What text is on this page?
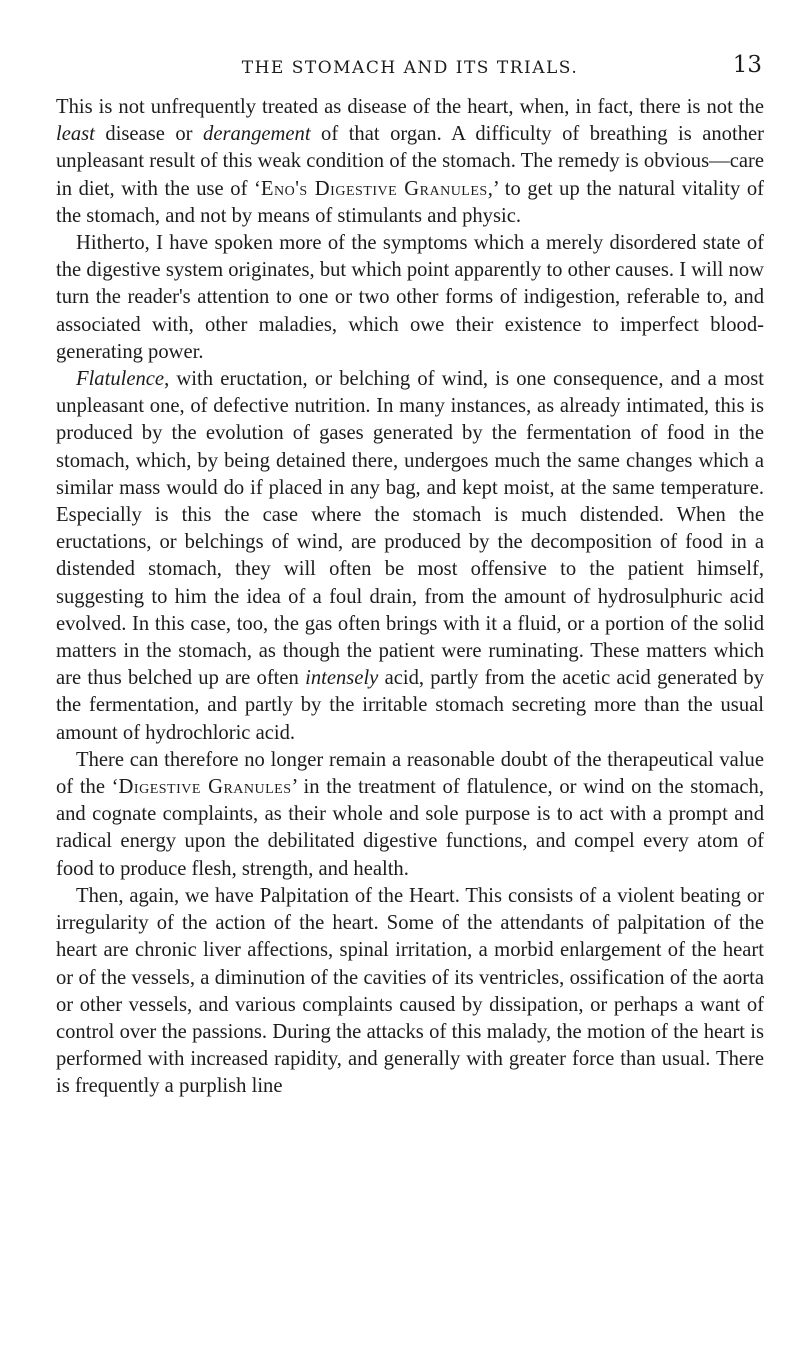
THE STOMACH AND ITS TRIALS.	13

This is not unfrequently treated as disease of the heart, when, in fact, there is not the least disease or derangement of that organ. A difficulty of breathing is another unpleasant result of this weak condition of the stomach. The remedy is obvious—care in diet, with the use of ‘Eno's Digestive Granules,’ to get up the natural vitality of the stomach, and not by means of stimulants and physic.

Hitherto, I have spoken more of the symptoms which a merely disordered state of the digestive system originates, but which point apparently to other causes. I will now turn the reader's attention to one or two other forms of indigestion, referable to, and associated with, other maladies, which owe their existence to imperfect blood-generating power.

Flatulence, with eructation, or belching of wind, is one consequence, and a most unpleasant one, of defective nutrition. In many instances, as already intimated, this is produced by the evolution of gases generated by the fermentation of food in the stomach, which, by being detained there, undergoes much the same changes which a similar mass would do if placed in any bag, and kept moist, at the same temperature. Especially is this the case where the stomach is much distended. When the eructations, or belchings of wind, are produced by the decomposition of food in a distended stomach, they will often be most offensive to the patient himself, suggesting to him the idea of a foul drain, from the amount of hydrosulphuric acid evolved. In this case, too, the gas often brings with it a fluid, or a portion of the solid matters in the stomach, as though the patient were ruminating. These matters which are thus belched up are often intensely acid, partly from the acetic acid generated by the fermentation, and partly by the irritable stomach secreting more than the usual amount of hydrochloric acid.

There can therefore no longer remain a reasonable doubt of the therapeutical value of the ‘Digestive Granules’ in the treatment of flatulence, or wind on the stomach, and cognate complaints, as their whole and sole purpose is to act with a prompt and radical energy upon the debilitated digestive functions, and compel every atom of food to produce flesh, strength, and health.

Then, again, we have Palpitation of the Heart. This consists of a violent beating or irregularity of the action of the heart. Some of the attendants of palpitation of the heart are chronic liver affections, spinal irritation, a morbid enlargement of the heart or of the vessels, a diminution of the cavities of its ventricles, ossification of the aorta or other vessels, and various complaints caused by dissipation, or perhaps a want of control over the passions. During the attacks of this malady, the motion of the heart is performed with increased rapidity, and generally with greater force than usual. There is frequently a purplish line
